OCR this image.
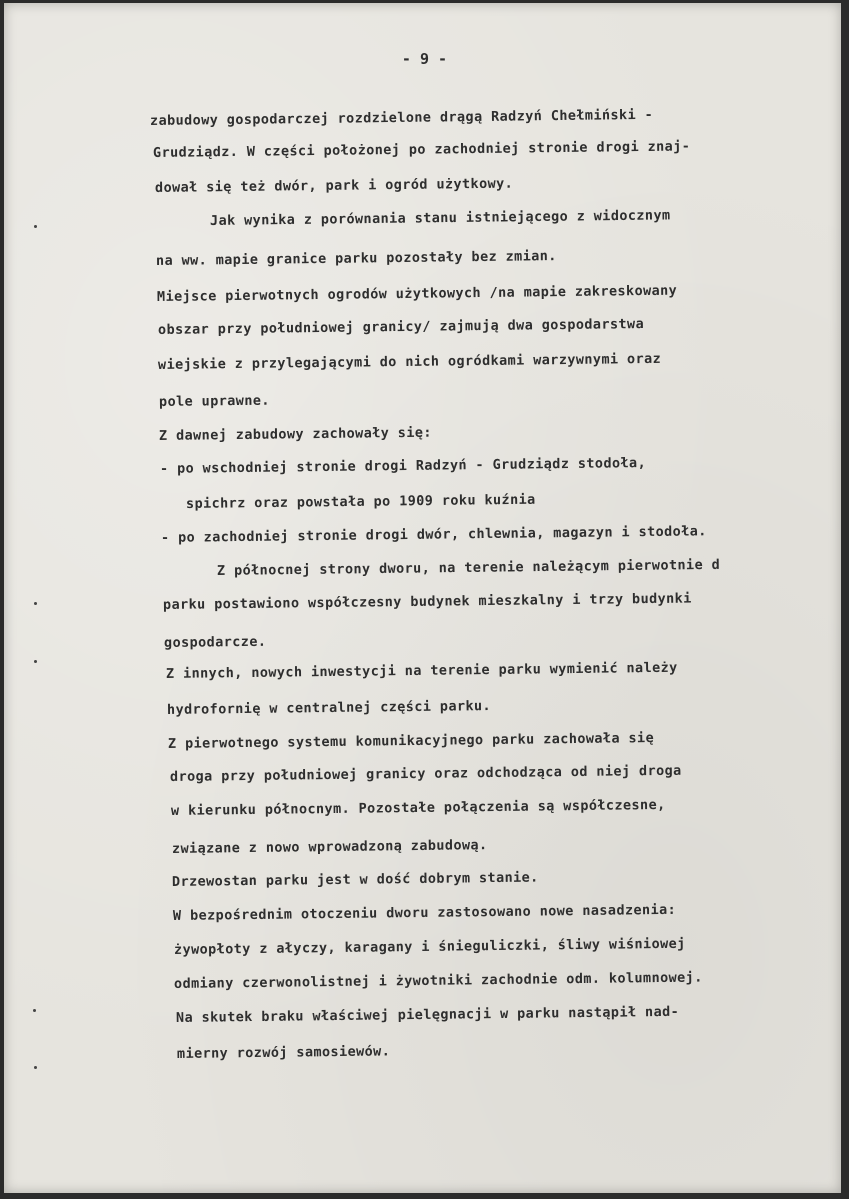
- 9 -
zabudowy gospodarczej rozdzielone drągą Radzyń Chełmiński -
Grudziądz. W części położonej po zachodniej stronie drogi znaj-
dował się też dwór, park i ogród użytkowy.
Jak wynika z porównania stanu istniejącego z widocznym
na ww. mapie granice parku pozostały bez zmian.
Miejsce pierwotnych ogrodów użytkowych /na mapie zakreskowany
obszar przy południowej granicy/ zajmują dwa gospodarstwa
wiejskie z przylegającymi do nich ogródkami warzywnymi oraz
pole uprawne.
Z dawnej zabudowy zachowały się:
- po wschodniej stronie drogi Radzyń - Grudziądz stodoła,
spichrz oraz powstała po 1909 roku kuźnia
- po zachodniej stronie drogi dwór, chlewnia, magazyn i stodoła.
Z północnej strony dworu, na terenie należącym pierwotnie d
parku postawiono współczesny budynek mieszkalny i trzy budynki
gospodarcze.
Z innych, nowych inwestycji na terenie parku wymienić należy
hydrofornię w centralnej części parku.
Z pierwotnego systemu komunikacyjnego parku zachowała się
droga przy południowej granicy oraz odchodząca od niej droga
w kierunku północnym. Pozostałe połączenia są współczesne,
związane z nowo wprowadzoną zabudową.
Drzewostan parku jest w dość dobrym stanie.
W bezpośrednim otoczeniu dworu zastosowano nowe nasadzenia:
żywopłoty z ałyczy, karagany i śnieguliczki, śliwy wiśniowej
odmiany czerwonolistnej i żywotniki zachodnie odm. kolumnowej.
Na skutek braku właściwej pielęgnacji w parku nastąpił nad-
mierny rozwój samosiewów.
